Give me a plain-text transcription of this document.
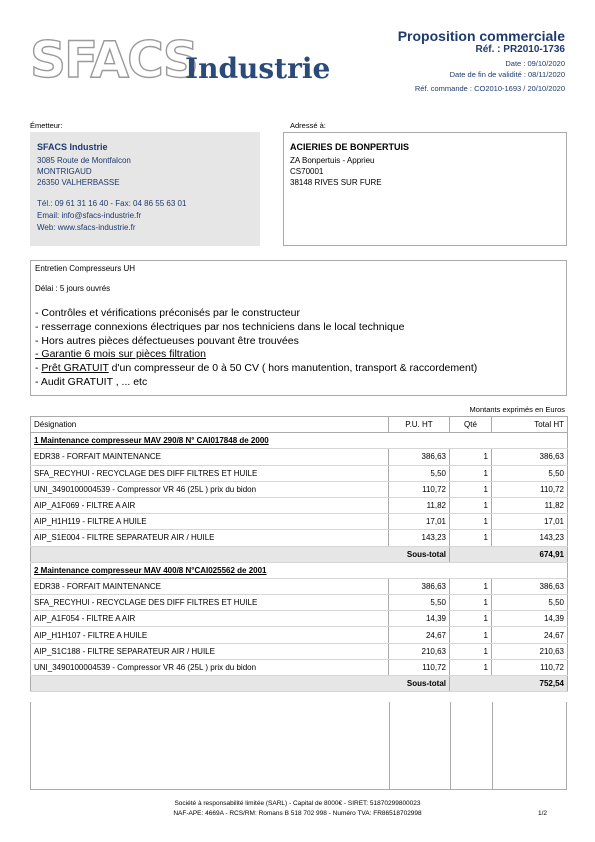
SFACS
Industrie
Proposition commerciale
Réf. : PR2010-1736
Date : 09/10/2020
Date de fin de validité : 08/11/2020
Réf. commande : CO2010-1693 / 20/10/2020
Émetteur:
SFACS Industrie
3085 Route de Montfalcon
MONTRIGAUD
26350 VALHERBASSE
Tél.: 09 61 31 16 40 - Fax: 04 86 55 63 01
Email: info@sfacs-industrie.fr
Web: www.sfacs-industrie.fr
Adressé à:
ACIERIES DE BONPERTUIS
ZA Bonpertuis - Apprieu
CS70001
38148 RIVES SUR FURE
Entretien Compresseurs UH
Délai : 5 jours ouvrés
- Contrôles et vérifications préconisés par le constructeur
- resserrage connexions électriques par nos techniciens dans le local technique
- Hors autres pièces défectueuses pouvant être trouvées
- Garantie 6 mois sur pièces filtration
- Prêt GRATUIT d'un compresseur de 0 à 50 CV ( hors manutention, transport & raccordement)
- Audit GRATUIT , ... etc
Montants exprimés en Euros
Désignation	P.U. HT	Qté	Total HT
1 Maintenance compresseur MAV 290/8 N° CAI017848 de 2000			
EDR38 - FORFAIT MAINTENANCE	386,63	1	386,63
SFA_RECYHUI - RECYCLAGE DES DIFF FILTRES ET HUILE	5,50	1	5,50
UNI_3490100004539 - Compressor VR 46 (25L ) prix du bidon	110,72	1	110,72
AIP_A1F069 - FILTRE A AIR	11,82	1	11,82
AIP_H1H119 - FILTRE A HUILE	17,01	1	17,01
AIP_S1E004 - FILTRE SEPARATEUR AIR / HUILE	143,23	1	143,23
Sous-total		674,91	
2 Maintenance compresseur MAV 400/8 N°CAI025562 de 2001			
EDR38 - FORFAIT MAINTENANCE	386,63	1	386,63
SFA_RECYHUI - RECYCLAGE DES DIFF FILTRES ET HUILE	5,50	1	5,50
AIP_A1F054 - FILTRE A AIR	14,39	1	14,39
AIP_H1H107 - FILTRE A HUILE	24,67	1	24,67
AIP_S1C188 - FILTRE SEPARATEUR AIR / HUILE	210,63	1	210,63
UNI_3490100004539 - Compressor VR 46 (25L ) prix du bidon	110,72	1	110,72
Sous-total		752,54	
Société à responsabilité limitée (SARL) - Capital de 8000€ - SIRET: 51870299800023
NAF-APE: 4669A - RCS/RM: Romans B 518 702 998 - Numéro TVA: FR86518702998	1/2
